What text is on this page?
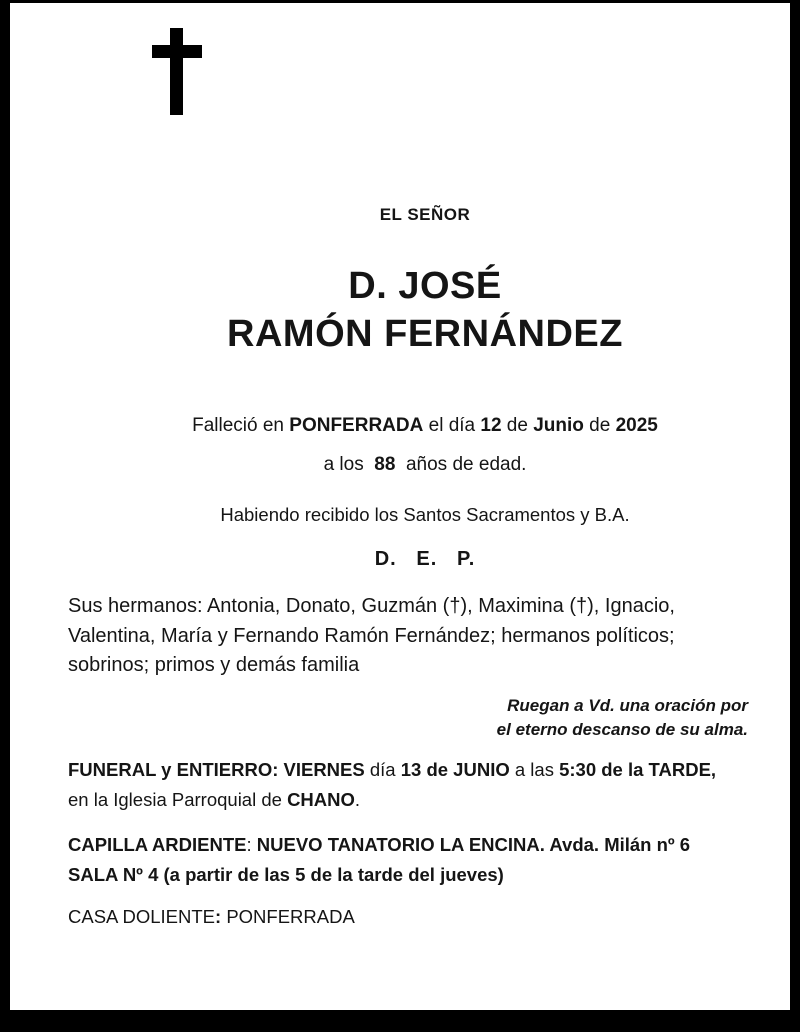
EL SEÑOR
D. JOSÉ
RAMÓN FERNÁNDEZ
Falleció en PONFERRADA el día 12 de Junio de 2025
a los  88  años de edad.
Habiendo recibido los Santos Sacramentos y B.A.
D.   E.   P.
Sus hermanos: Antonia, Donato, Guzmán (†), Maximina (†), Ignacio,
Valentina, María y Fernando Ramón Fernández; hermanos políticos;
sobrinos; primos y demás familia
Ruegan a Vd. una oración por
el eterno descanso de su alma.
FUNERAL y ENTIERRO: VIERNES día 13 de JUNIO a las 5:30 de la TARDE,
en la Iglesia Parroquial de CHANO.
CAPILLA ARDIENTE: NUEVO TANATORIO LA ENCINA. Avda. Milán nº 6
SALA Nº 4 (a partir de las 5 de la tarde del jueves)
CASA DOLIENTE: PONFERRADA
